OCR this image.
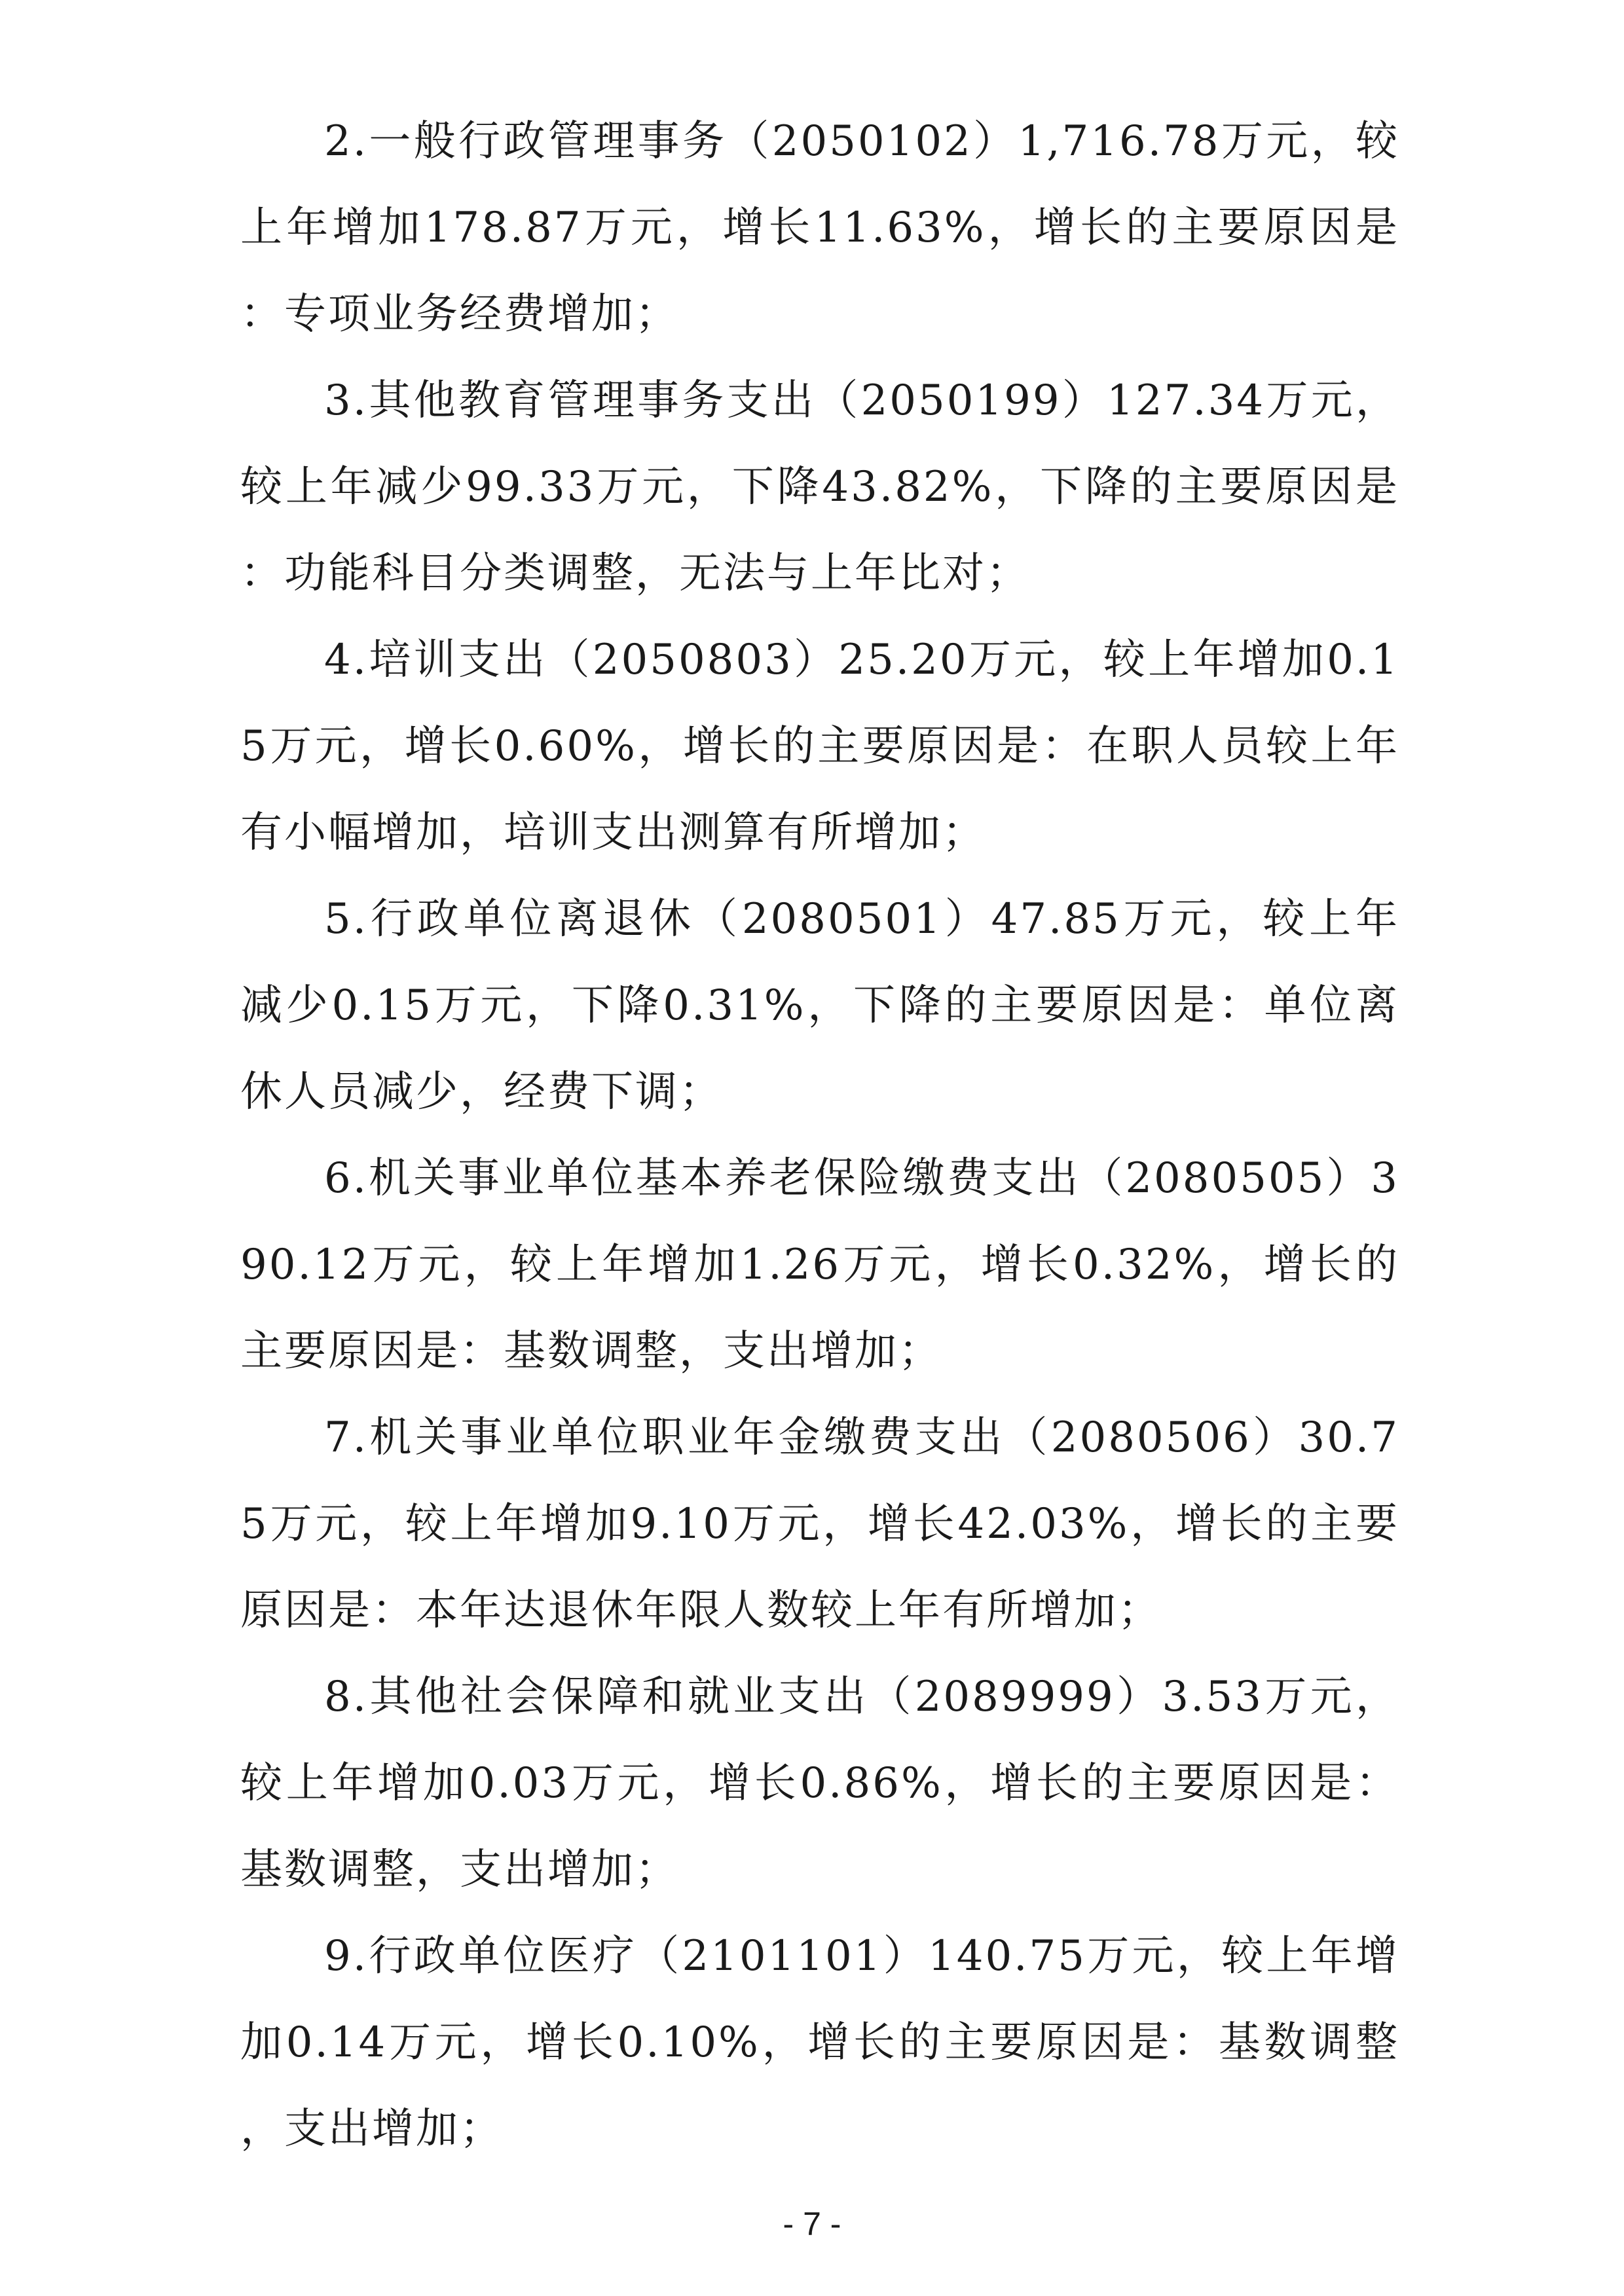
2.一般行政管理事务（2050102）1,716.78万元，较上年增加178.87万元，增长11.63%，增长的主要原因是：专项业务经费增加；

3.其他教育管理事务支出（2050199）127.34万元，较上年减少99.33万元，下降43.82%，下降的主要原因是：功能科目分类调整，无法与上年比对；

4.培训支出（2050803）25.20万元，较上年增加0.15万元，增长0.60%，增长的主要原因是：在职人员较上年有小幅增加，培训支出测算有所增加；

5.行政单位离退休（2080501）47.85万元，较上年减少0.15万元，下降0.31%，下降的主要原因是：单位离休人员减少，经费下调；

6.机关事业单位基本养老保险缴费支出（2080505）390.12万元，较上年增加1.26万元，增长0.32%，增长的主要原因是：基数调整，支出增加；

7.机关事业单位职业年金缴费支出（2080506）30.75万元，较上年增加9.10万元，增长42.03%，增长的主要原因是：本年达退休年限人数较上年有所增加；

8.其他社会保障和就业支出（2089999）3.53万元，较上年增加0.03万元，增长0.86%，增长的主要原因是：基数调整，支出增加；

9.行政单位医疗（2101101）140.75万元，较上年增加0.14万元，增长0.10%，增长的主要原因是：基数调整，支出增加；

- 7 -
